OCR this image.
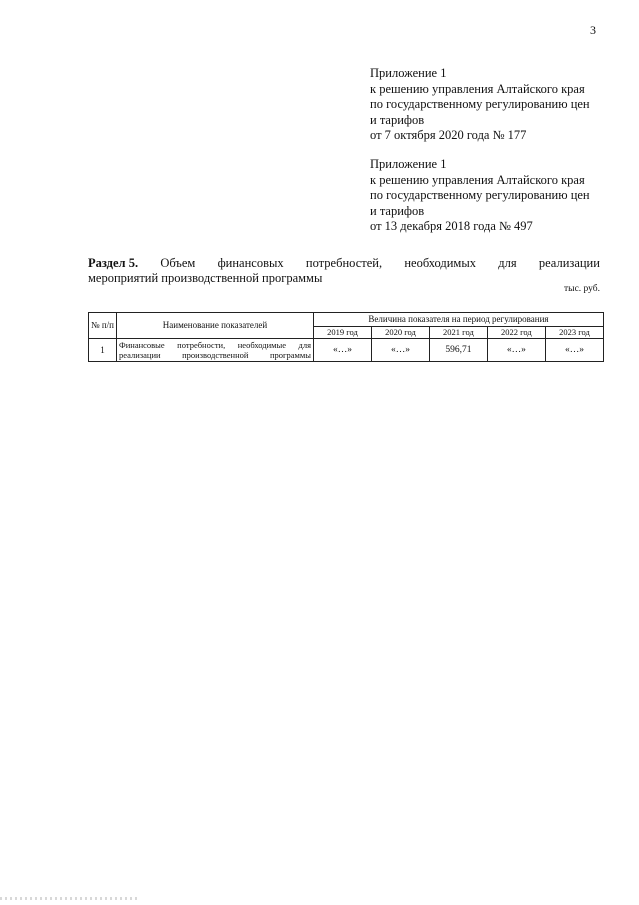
3
Приложение 1
к решению управления Алтайского края
по государственному регулированию цен
и тарифов
от 7 октября 2020 года № 177
Приложение 1
к решению управления Алтайского края
по государственному регулированию цен
и тарифов
от 13 декабря 2018 года № 497
Раздел 5. Объем финансовых потребностей, необходимых для реализации
мероприятий производственной программы
тыс. руб.
№ п/п	Наименование показателей	Величина показателя на период регулирования				
		2019 год	2020 год	2021 год	2022 год	2023 год
1	Финансовые потребности, необходимые для реализации производственной программы	«…»	«…»	596,71	«…»	«…»
